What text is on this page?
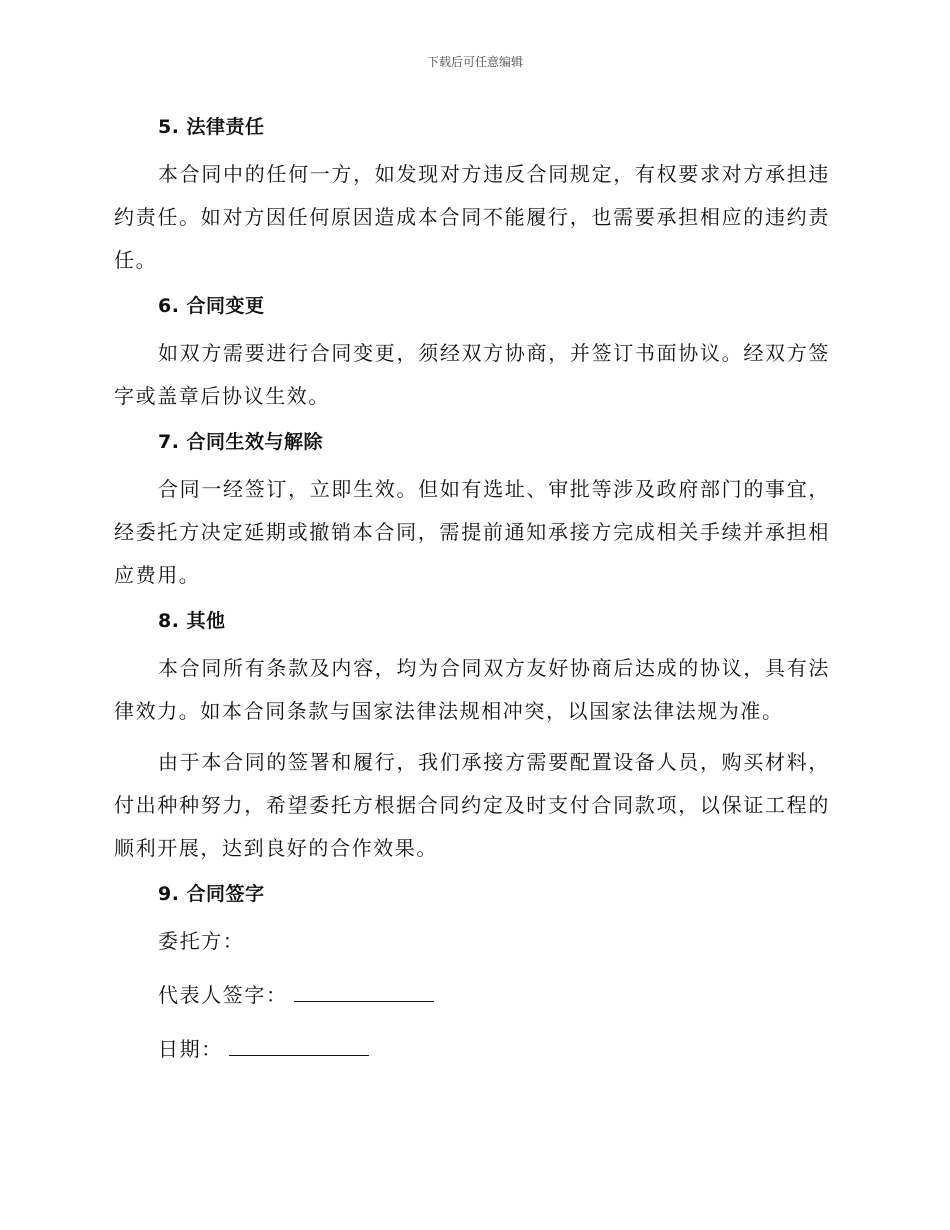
下载后可任意编辑
5. 法律责任

本合同中的任何一方，如发现对方违反合同规定，有权要求对方承担违约责任。如对方因任何原因造成本合同不能履行，也需要承担相应的违约责任。

6. 合同变更

如双方需要进行合同变更，须经双方协商，并签订书面协议。经双方签字或盖章后协议生效。

7. 合同生效与解除

合同一经签订，立即生效。但如有选址、审批等涉及政府部门的事宜，经委托方决定延期或撤销本合同，需提前通知承接方完成相关手续并承担相应费用。

8. 其他

本合同所有条款及内容，均为合同双方友好协商后达成的协议，具有法律效力。如本合同条款与国家法律法规相冲突，以国家法律法规为准。

由于本合同的签署和履行，我们承接方需要配置设备人员，购买材料，付出种种努力，希望委托方根据合同约定及时支付合同款项，以保证工程的顺利开展，达到良好的合作效果。

9. 合同签字
委托方：
代表人签字：
日期：
